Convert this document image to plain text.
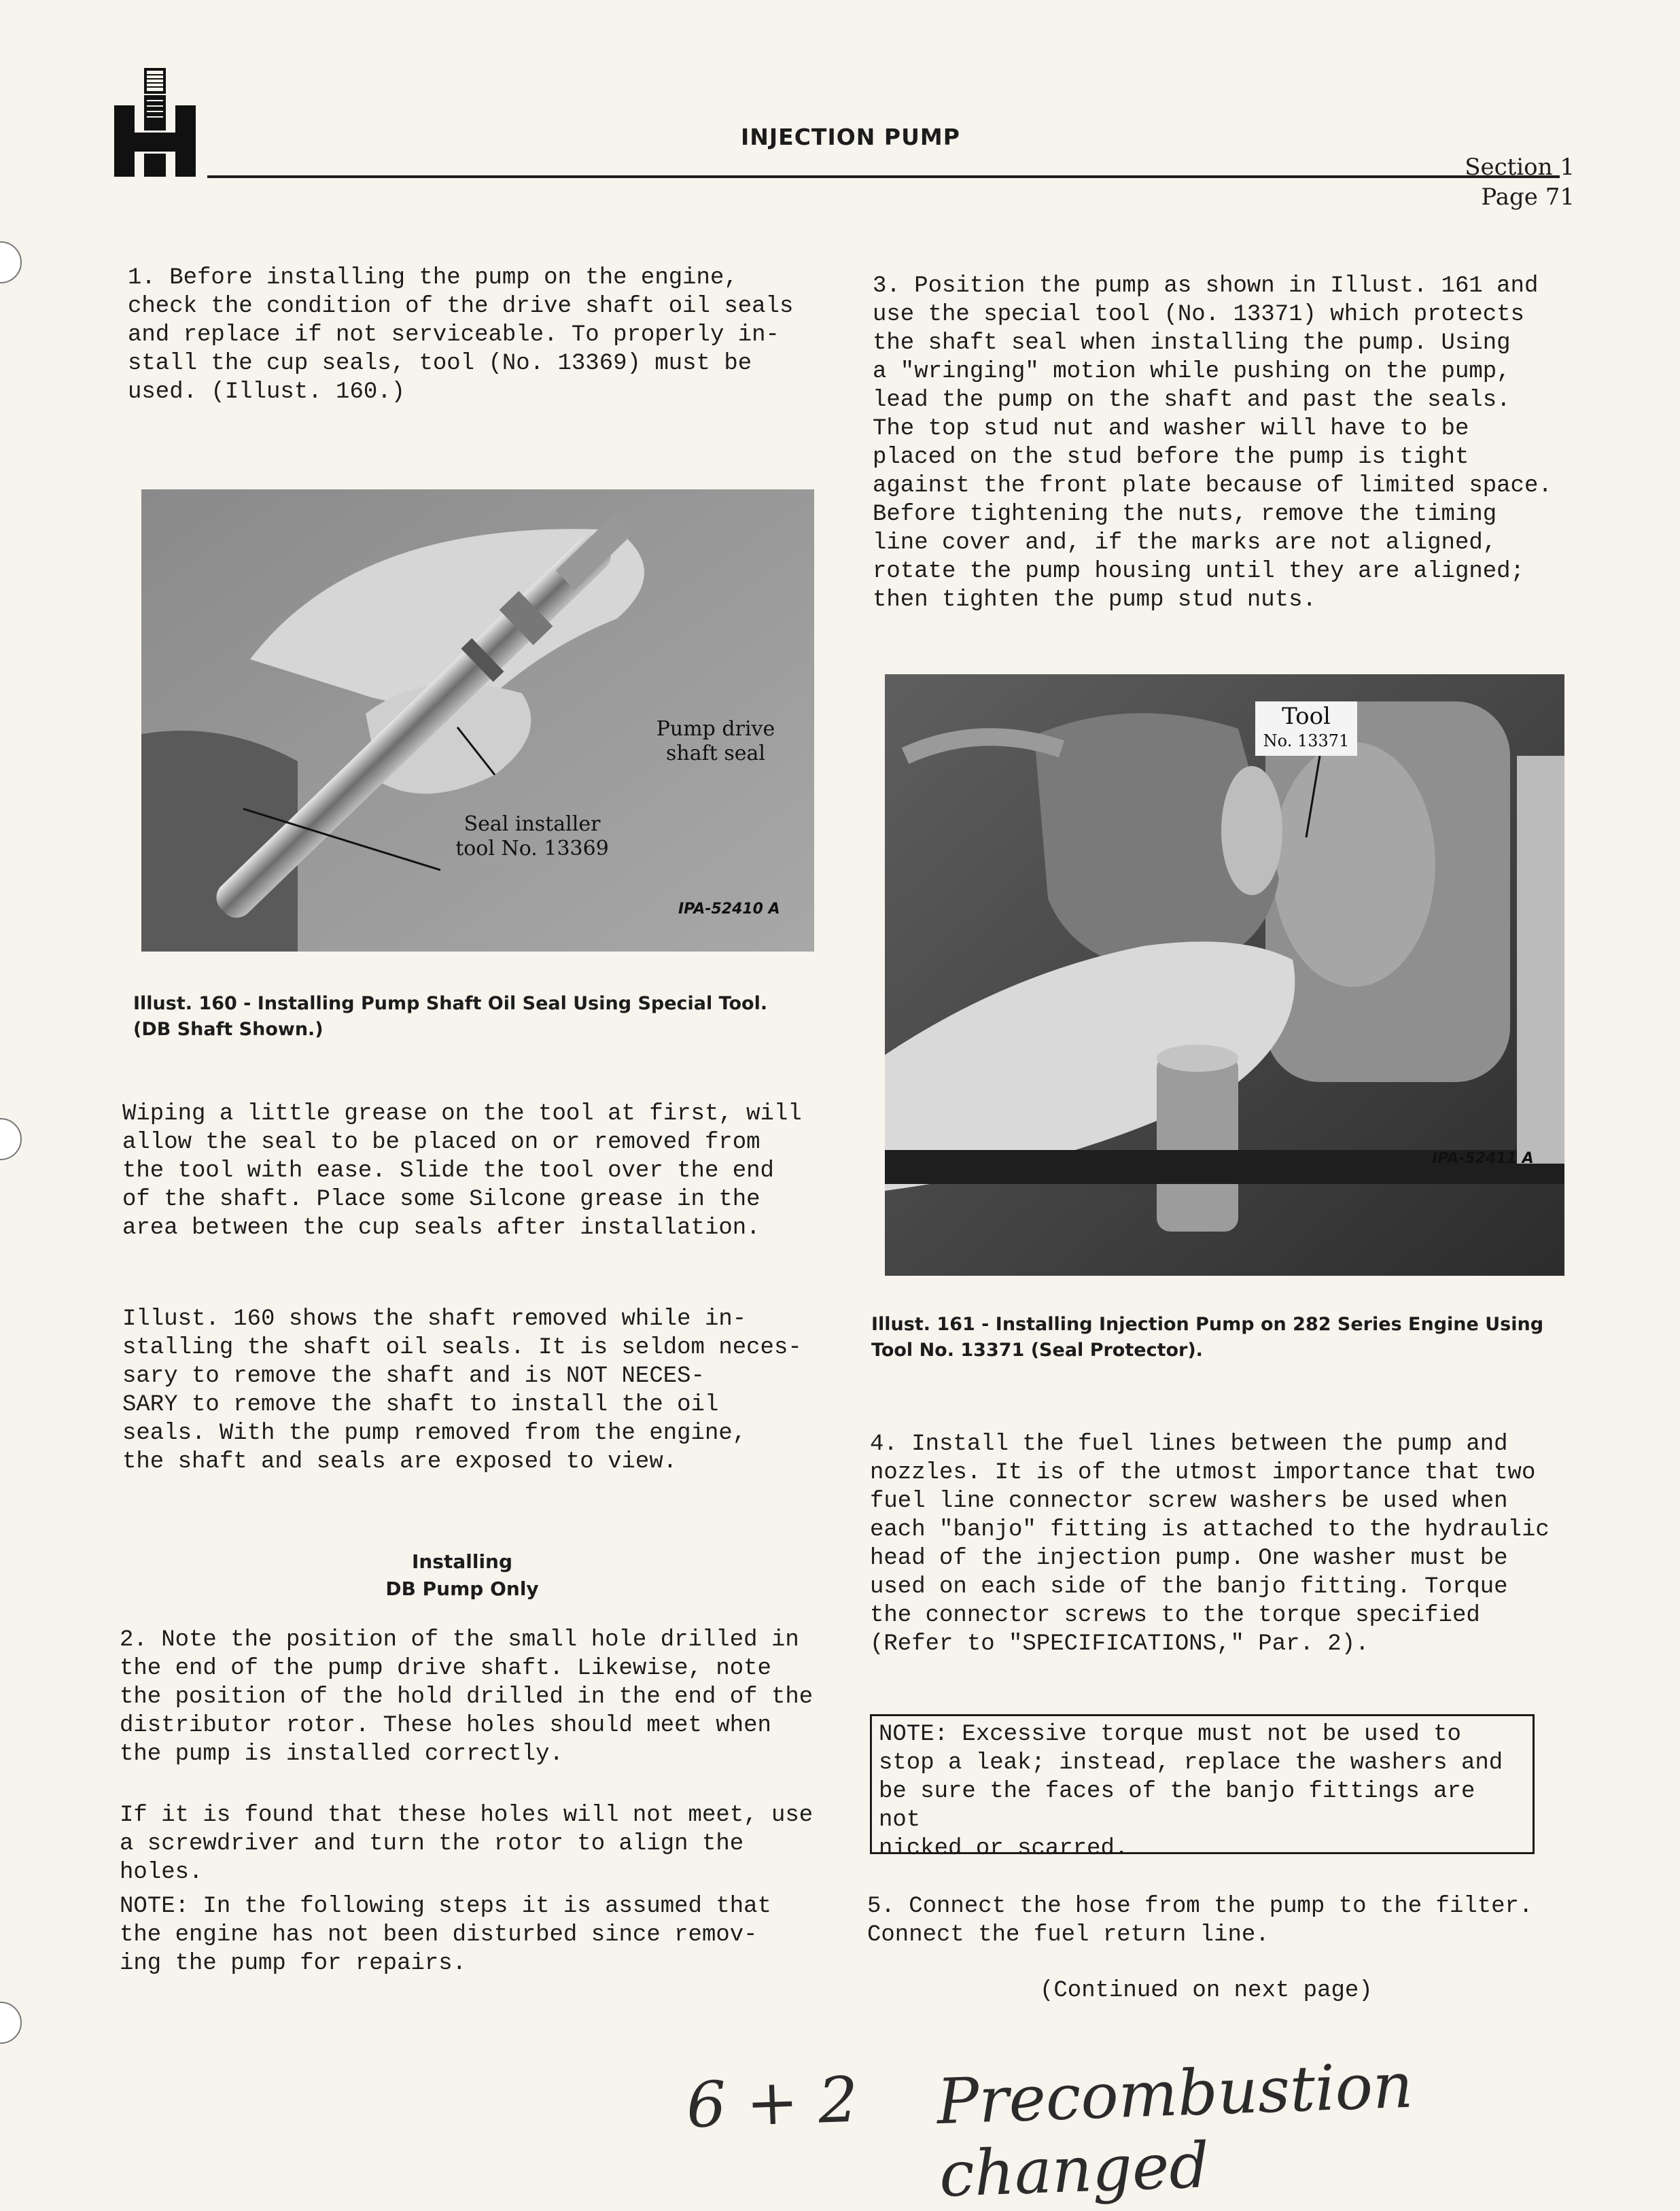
INJECTION PUMP
Section 1
Page 71

1. Before installing the pump on the engine,
check the condition of the drive shaft oil seals
and replace if not serviceable. To properly in-
stall the cup seals, tool (No. 13369) must be
used. (Illust. 160.)

Pump drive shaft seal
Seal installer
tool No. 13369
IPA-52410 A

Illust. 160 - Installing Pump Shaft Oil Seal Using Special Tool.
(DB Shaft Shown.)

Wiping a little grease on the tool at first, will
allow the seal to be placed on or removed from
the tool with ease. Slide the tool over the end
of the shaft. Place some Silcone grease in the
area between the cup seals after installation.

Illust. 160 shows the shaft removed while in-
stalling the shaft oil seals. It is seldom neces-
sary to remove the shaft and is NOT NECES-
SARY to remove the shaft to install the oil
seals. With the pump removed from the engine,
the shaft and seals are exposed to view.

Installing
DB Pump Only

2. Note the position of the small hole drilled in
the end of the pump drive shaft. Likewise, note
the position of the hold drilled in the end of the
distributor rotor. These holes should meet when
the pump is installed correctly.

If it is found that these holes will not meet, use
a screwdriver and turn the rotor to align the
holes.

NOTE: In the following steps it is assumed that
the engine has not been disturbed since remov-
ing the pump for repairs.

3. Position the pump as shown in Illust. 161 and
use the special tool (No. 13371) which protects
the shaft seal when installing the pump. Using
a "wringing" motion while pushing on the pump,
lead the pump on the shaft and past the seals.
The top stud nut and washer will have to be
placed on the stud before the pump is tight
against the front plate because of limited space.
Before tightening the nuts, remove the timing
line cover and, if the marks are not aligned,
rotate the pump housing until they are aligned;
then tighten the pump stud nuts.

Tool
No. 13371
IPA-52411 A

Illust. 161 - Installing Injection Pump on 282 Series Engine Using
Tool No. 13371 (Seal Protector).

4. Install the fuel lines between the pump and
nozzles. It is of the utmost importance that two
fuel line connector screw washers be used when
each "banjo" fitting is attached to the hydraulic
head of the injection pump. One washer must be
used on each side of the banjo fitting. Torque
the connector screws to the torque specified
(Refer to "SPECIFICATIONS," Par. 2).

NOTE: Excessive torque must not be used to
stop a leak; instead, replace the washers and
be sure the faces of the banjo fittings are not
nicked or scarred.

5. Connect the hose from the pump to the filter.
Connect the fuel return line.

(Continued on next page)
6 + 2 Precombustion changed
